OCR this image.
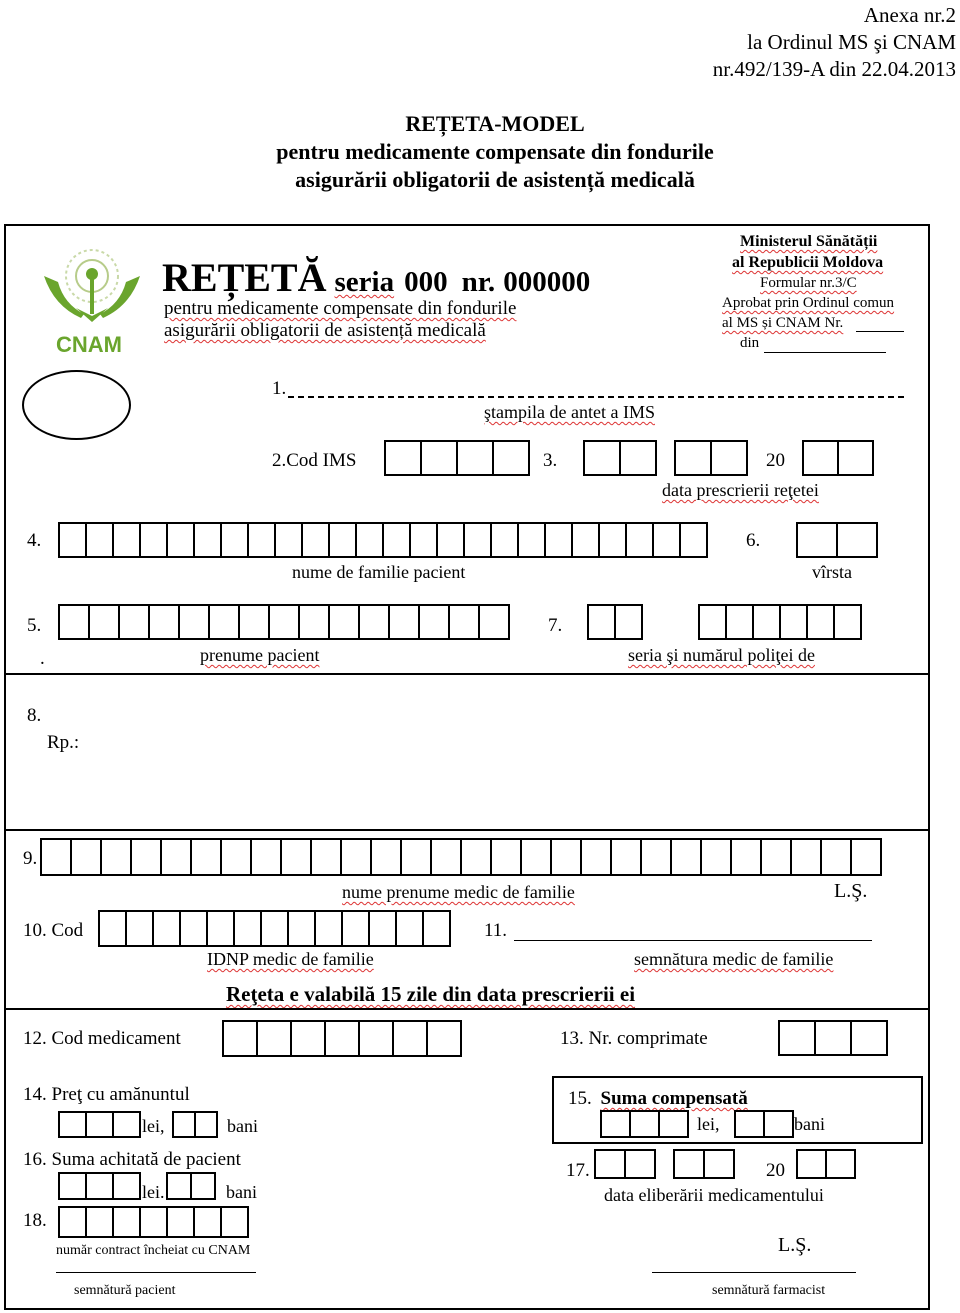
Anexa nr.2
la Ordinul MS şi CNAM
nr.492/139-A din 22.04.2013
REȚETA-MODEL
pentru medicamente compensate din fondurile
asigurării obligatorii de asistență medicală
CNAM
REȚETĂ seria 000 nr. 000000
pentru medicamente compensate din fondurile
asigurării obligatorii de asistență medicală
Ministerul Sănătății
al Republicii Moldova
Formular nr.3/C
Aprobat prin Ordinul comun
al MS și CNAM Nr.
din
1.
ştampila de antet a IMS
2.Cod IMS	3.	20
data prescrierii reţetei
4.	6.
nume de familie pacient	vîrsta
5.
.
7.
prenume pacient	seria şi numărul poliţei de
8.
Rp.:
9.
nume prenume medic de familie	L.Ş.
10. Cod	11.
IDNP medic de familie	semnătura medic de familie
Reţeta e valabilă 15 zile din data prescrierii ei
12. Cod medicament	13. Nr. comprimate
14. Preţ cu amănuntul
lei,	bani
15. Suma compensată
lei,	bani
16. Suma achitată de pacient
lei.	bani
17.	20
data eliberării medicamentului
18.
număr contract încheiat cu CNAM	L.Ş.
semnătură pacient	semnătură farmacist
